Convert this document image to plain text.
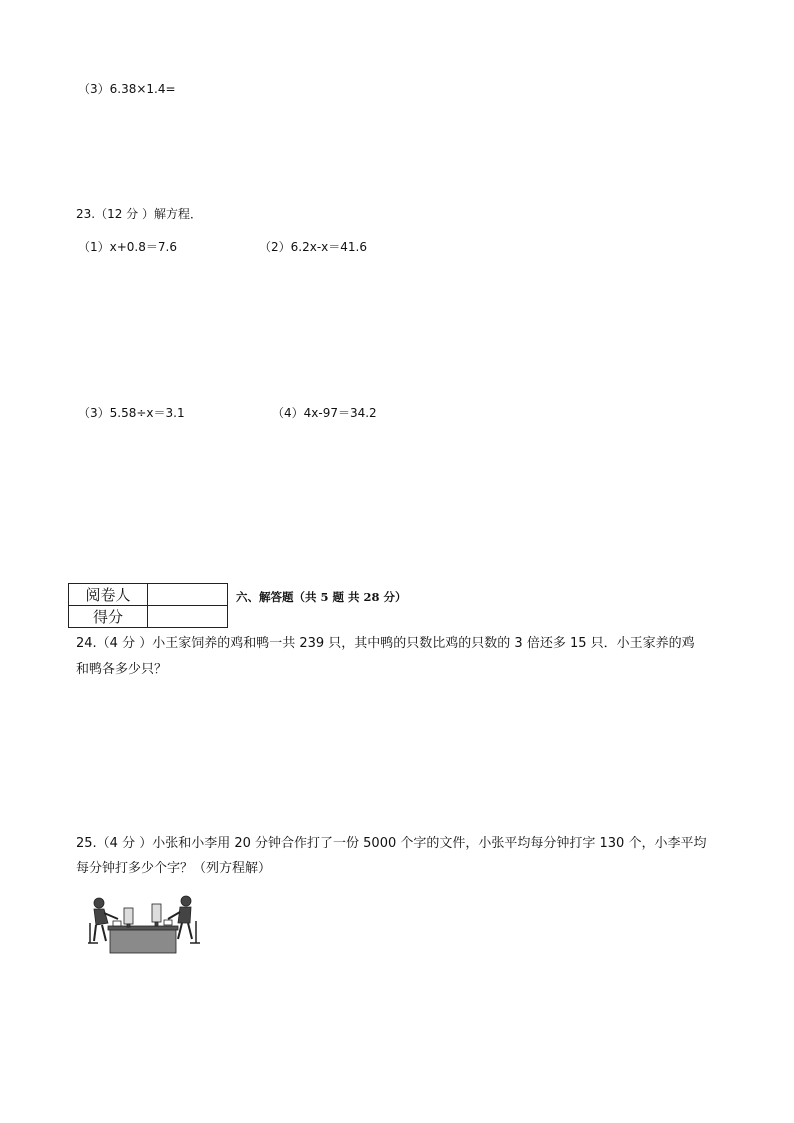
（3）6.38×1.4=
23.（12 分 ）解方程．
（1）x+0.8＝7.6	（2）6.2x-x＝41.6
（3）5.58÷x＝3.1	（4）4x-97＝34.2
阅卷人	
得分	
六、解答题（共 5 题 共 28 分）
24.（4 分 ）小王家饲养的鸡和鸭一共 239 只，其中鸭的只数比鸡的只数的 3 倍还多 15 只．小王家养的鸡
和鸭各多少只？
25.（4 分 ）小张和小李用 20 分钟合作打了一份 5000 个字的文件，小张平均每分钟打字 130 个，小李平均
每分钟打多少个字？（列方程解）
